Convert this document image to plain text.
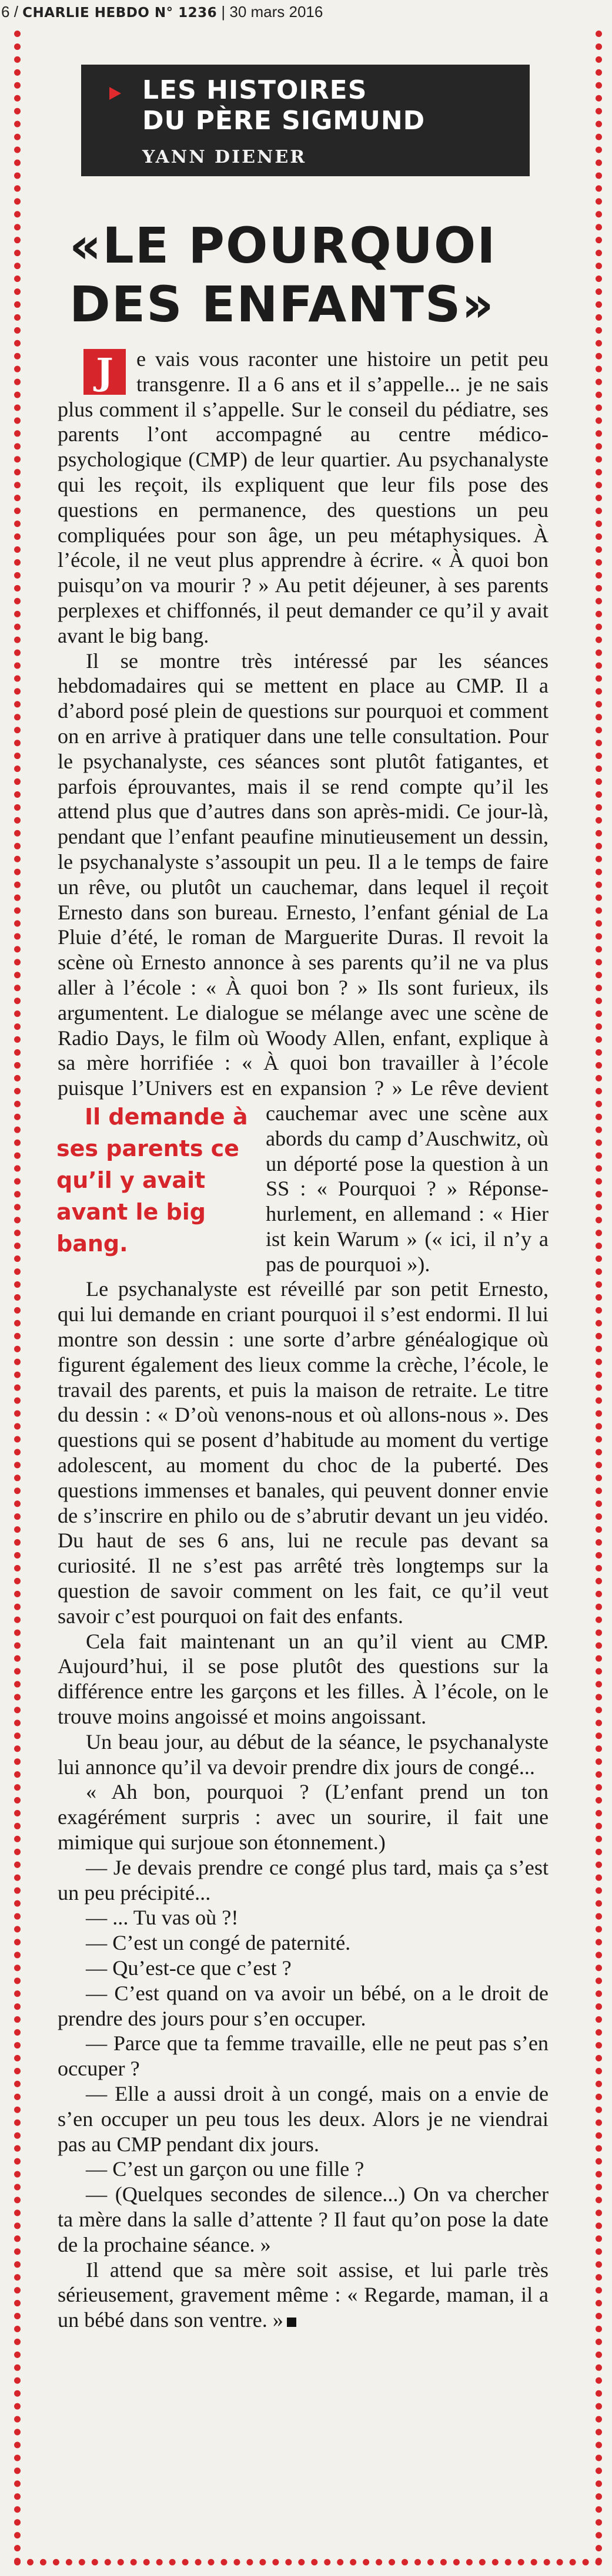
6 / CHARLIE HEBDO N° 1236 | 30 mars 2016
LES HISTOIRES
DU PÈRE SIGMUND
YANN DIENER
«LE POURQUOI
DES ENFANTS»

J	e vais vous raconter une histoire un petit peu transgenre. Il a 6 ans et il s’appelle... je ne sais plus comment il s’appelle. Sur le conseil du pédiatre, ses parents l’ont accompagné au centre médico-psychologique (CMP) de leur quartier. Au psychanalyste qui les reçoit, ils expliquent que leur fils pose des questions en permanence, des questions un peu compliquées pour son âge, un peu métaphysiques. À l’école, il ne veut plus apprendre à écrire. « À quoi bon puisqu’on va mourir ? » Au petit déjeuner, à ses parents perplexes et chiffonnés, il peut demander ce qu’il y avait avant le big bang.

Il se montre très intéressé par les séances hebdomadaires qui se mettent en place au CMP. Il a d’abord posé plein de questions sur pourquoi et comment on en arrive à pratiquer dans une telle consultation. Pour le psychanalyste, ces séances sont plutôt fatigantes, et parfois éprouvantes, mais il se rend compte qu’il les attend plus que d’autres dans son après-midi. Ce jour-là, pendant que l’enfant peaufine minutieusement un dessin, le psychanalyste s’assoupit un peu. Il a le temps de faire un rêve, ou plutôt un cauchemar, dans lequel il reçoit Ernesto dans son bureau. Ernesto, l’enfant génial de La Pluie d’été, le roman de Marguerite Duras. Il revoit la scène où Ernesto annonce à ses parents qu’il ne va plus aller à l’école : « À quoi bon ? » Ils sont furieux, ils argumentent. Le dialogue se mélange avec une scène de Radio Days, le film où Woody Allen, enfant, explique à sa mère horrifiée : « À quoi bon travailler à l’école puisque l’Univers est en expansion ? » Le rêve
Il demande à ses parents ce qu’il y avait avant le big bang.
devient cauchemar avec une scène aux abords du camp d’Auschwitz, où un déporté pose la question à un SS : « Pourquoi ? » Réponse-hurlement, en allemand : « Hier ist kein Warum » (« ici, il n’y a pas de pourquoi »).

Le psychanalyste est réveillé par son petit Ernesto, qui lui demande en criant pourquoi il s’est endormi. Il lui montre son dessin : une sorte d’arbre généalogique où figurent également des lieux comme la crèche, l’école, le travail des parents, et puis la maison de retraite. Le titre du dessin : « D’où venons-nous et où allons-nous ». Des questions qui se posent d’habitude au moment du vertige adolescent, au moment du choc de la puberté. Des questions immenses et banales, qui peuvent donner envie de s’inscrire en philo ou de s’abrutir devant un jeu vidéo. Du haut de ses 6 ans, lui ne recule pas devant sa curiosité. Il ne s’est pas arrêté très longtemps sur la question de savoir comment on les fait, ce qu’il veut savoir c’est pourquoi on fait des enfants.

Cela fait maintenant un an qu’il vient au CMP. Aujourd’hui, il se pose plutôt des questions sur la différence entre les garçons et les filles. À l’école, on le trouve moins angoissé et moins angoissant.

Un beau jour, au début de la séance, le psychanalyste lui annonce qu’il va devoir prendre dix jours de congé...

« Ah bon, pourquoi ? (L’enfant prend un ton exagérément surpris : avec un sourire, il fait une mimique qui surjoue son étonnement.)

— Je devais prendre ce congé plus tard, mais ça s’est un peu précipité...

— ... Tu vas où ?!

— C’est un congé de paternité.

— Qu’est-ce que c’est ?

— C’est quand on va avoir un bébé, on a le droit de prendre des jours pour s’en occuper.

— Parce que ta femme travaille, elle ne peut pas s’en occuper ?

— Elle a aussi droit à un congé, mais on a envie de s’en occuper un peu tous les deux. Alors je ne viendrai pas au CMP pendant dix jours.

— C’est un garçon ou une fille ?

— (Quelques secondes de silence...) On va chercher ta mère dans la salle d’attente ? Il faut qu’on pose la date de la prochaine séance. »

Il attend que sa mère soit assise, et lui parle très sérieusement, gravement même : « Regarde, maman, il a un bébé dans son ventre. »
